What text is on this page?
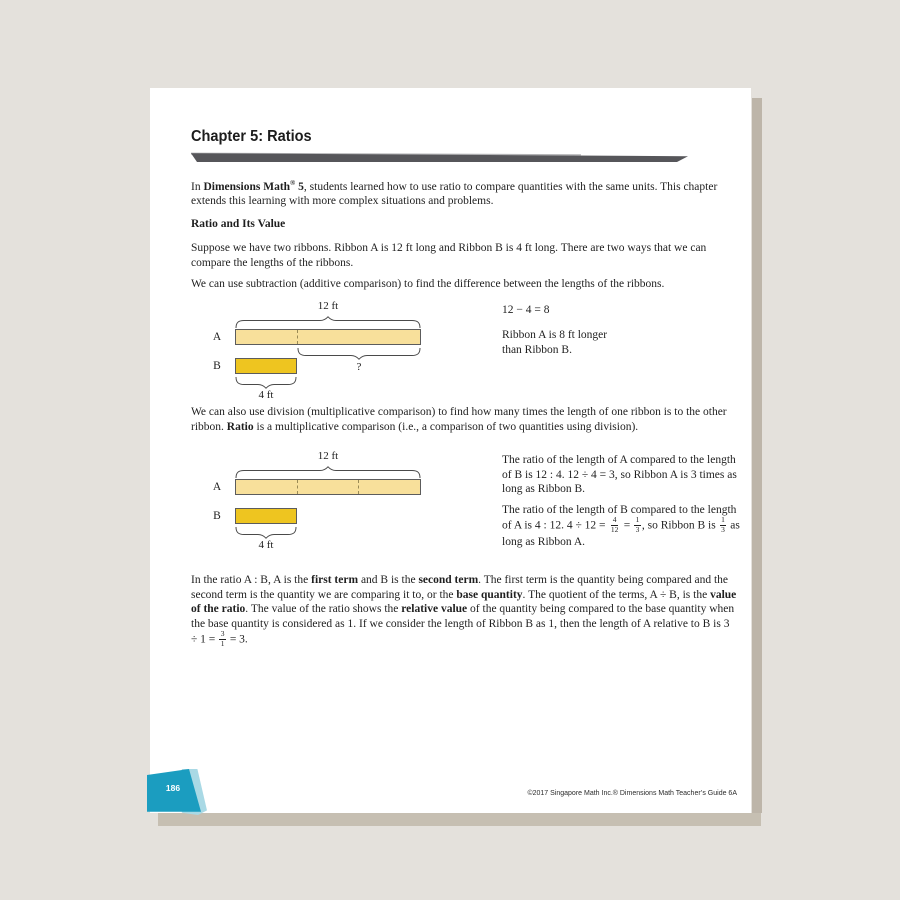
Chapter 5: Ratios

In Dimensions Math® 5, students learned how to use ratio to compare quantities with the same units. This chapter extends this learning with more complex situations and problems.

Ratio and Its Value

Suppose we have two ribbons. Ribbon A is 12 ft long and Ribbon B is 4 ft long. There are two ways that we can compare the lengths of the ribbons.

We can use subtraction (additive comparison) to find the difference between the lengths of the ribbons.

12 ft
A
?
B
4 ft
12 − 4 = 8
Ribbon A is 8 ft longer
than Ribbon B.

We can also use division (multiplicative comparison) to find how many times the length of one ribbon is to the other ribbon. Ratio is a multiplicative comparison (i.e., a comparison of two quantities using division).

12 ft
A
B
4 ft

The ratio of the length of A compared to the length of B is 12 : 4. 12 ÷ 4 = 3, so Ribbon A is 3 times as long as Ribbon B.

The ratio of the length of B compared to the length of A is 4 : 12. $4 \div 12 = \frac{4}{12} = \frac{1}{3}$ , so Ribbon B is $\frac{1}{3}$ as long as Ribbon A.

In the ratio A : B, A is the first term and B is the second term. The first term is the quantity being compared and the second term is the quantity we are comparing it to, or the base quantity. The quotient of the terms, A ÷ B, is the value of the ratio. The value of the ratio shows the relative value of the quantity being compared to the base quantity when the base quantity is considered as 1. If we consider the length of Ribbon B as 1, then the length of A relative to B is $3 \div 1 = \frac{3}{1} = 3$.

186
©2017 Singapore Math Inc.® Dimensions Math Teacher’s Guide 6A
